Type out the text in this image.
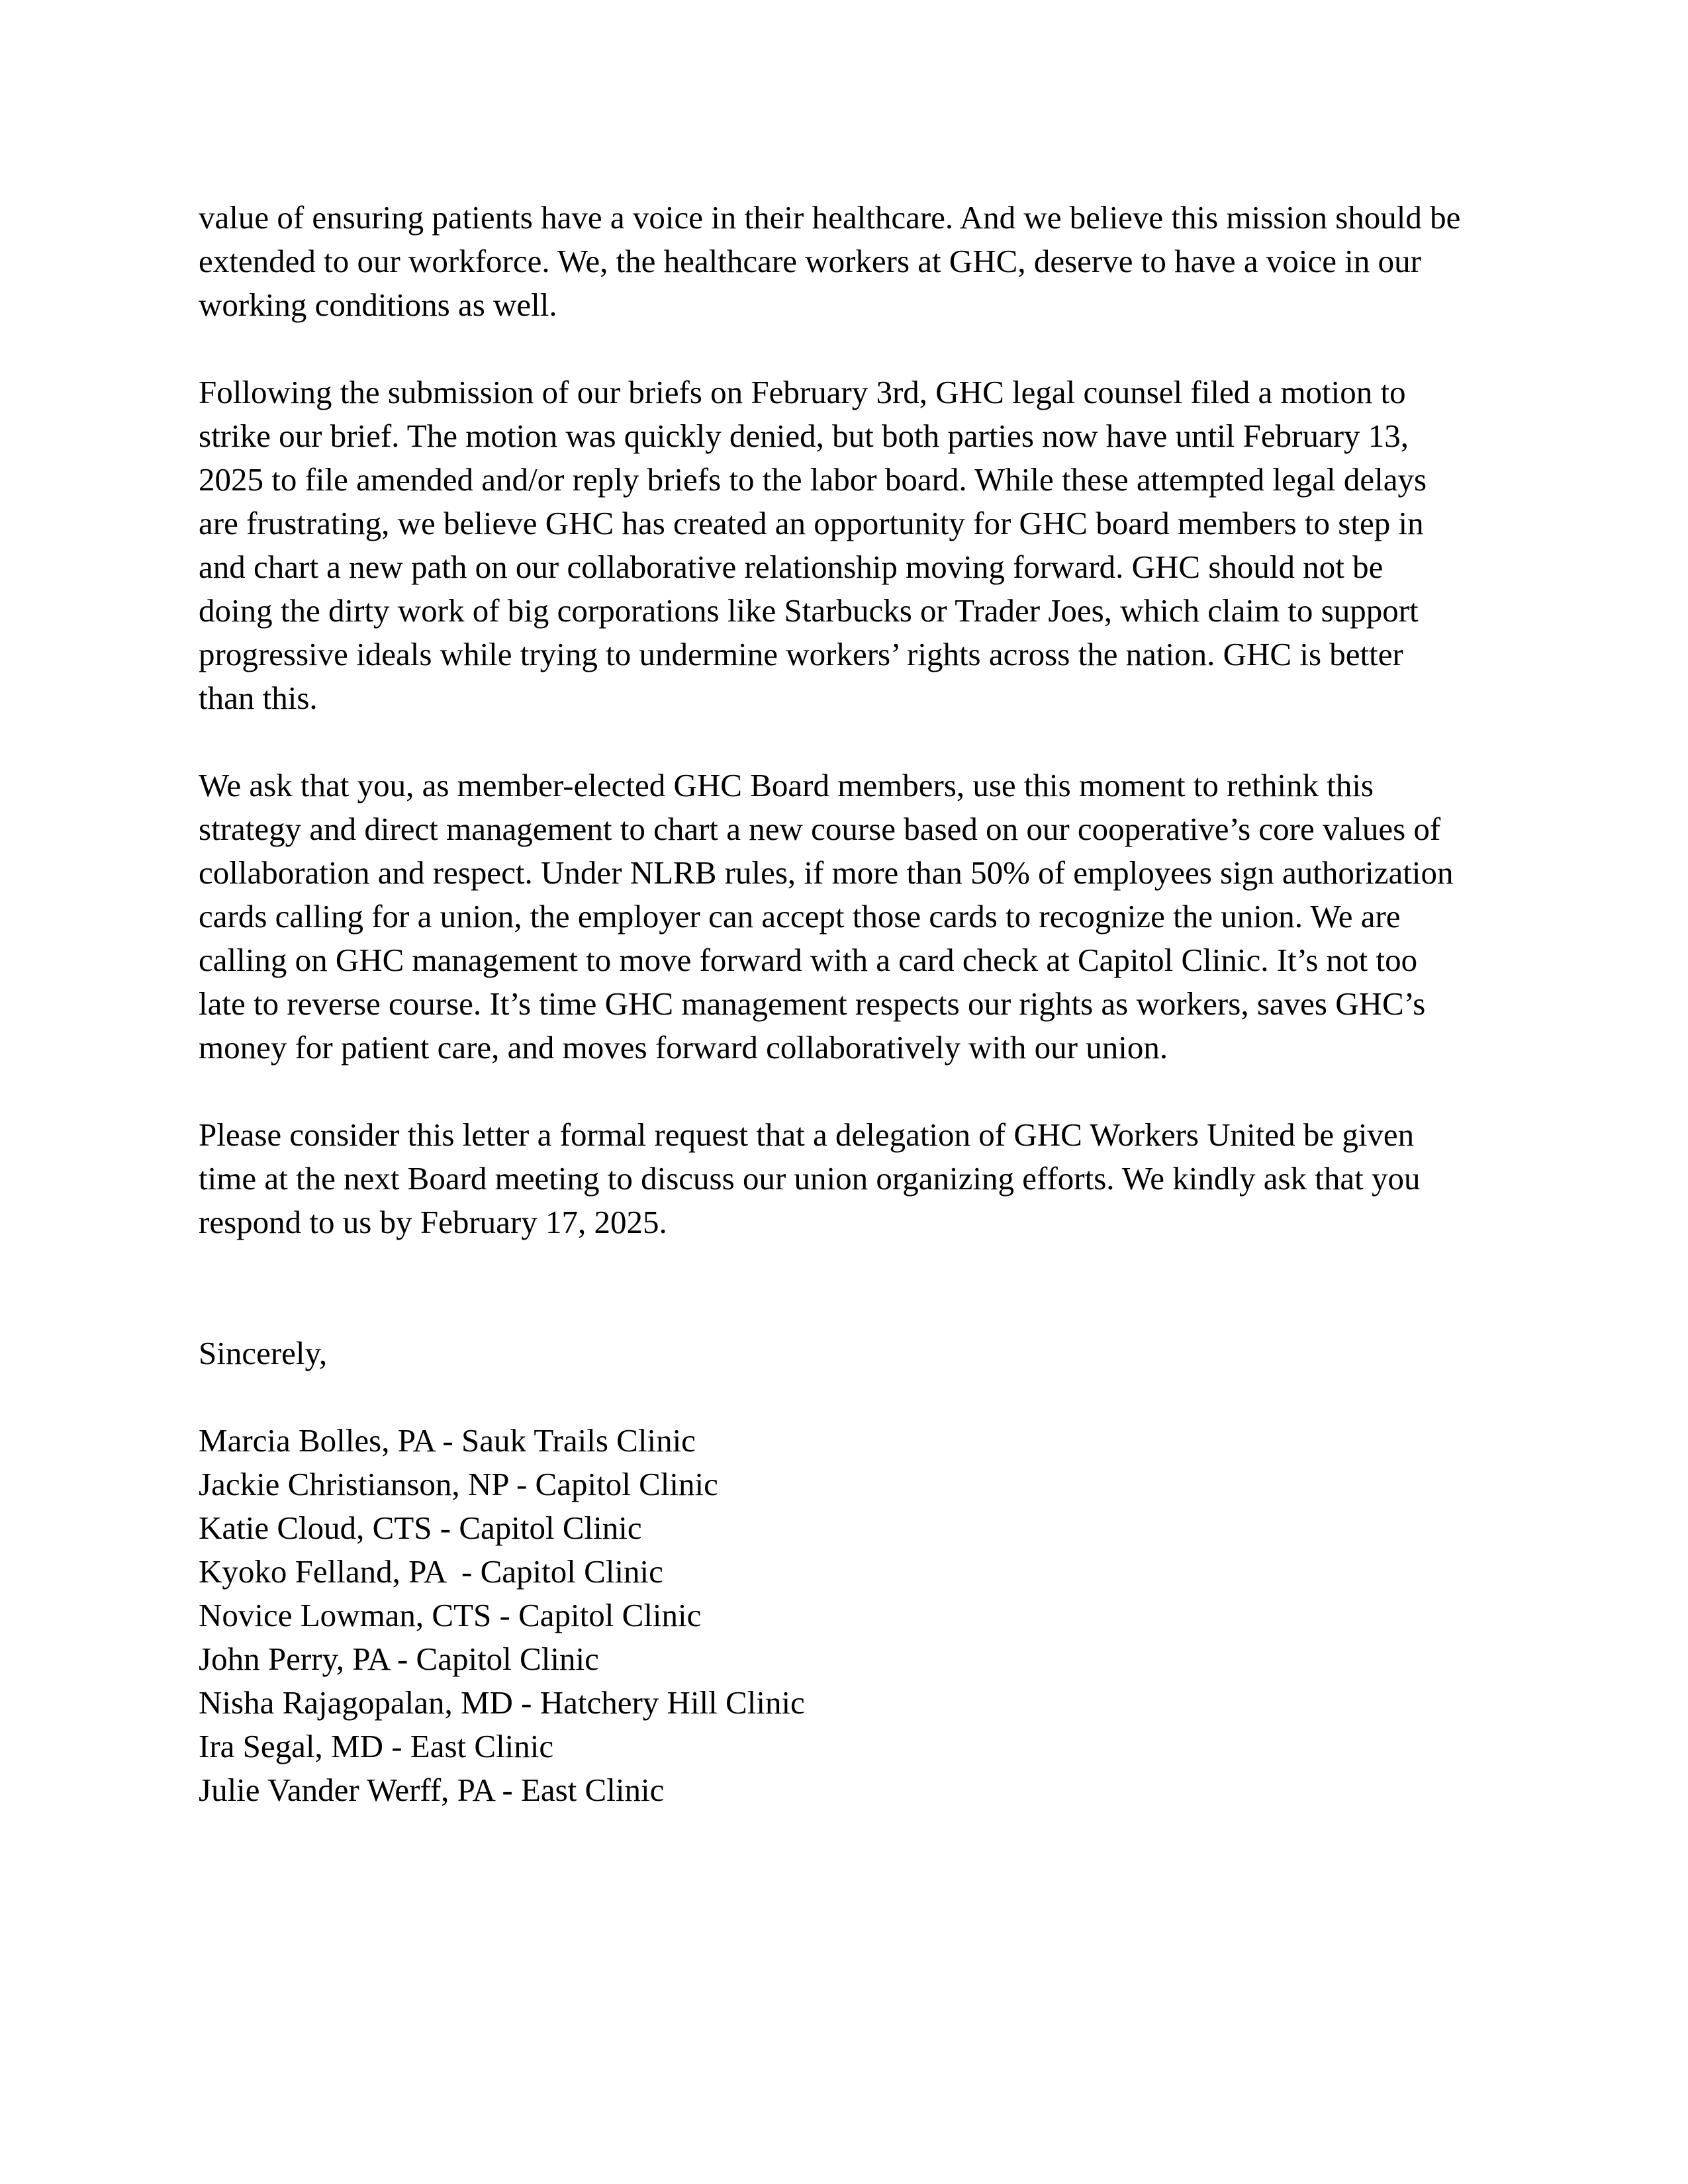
value of ensuring patients have a voice in their healthcare. And we believe this mission should be
extended to our workforce. We, the healthcare workers at GHC, deserve to have a voice in our
working conditions as well.

Following the submission of our briefs on February 3rd, GHC legal counsel filed a motion to
strike our brief. The motion was quickly denied, but both parties now have until February 13,
2025 to file amended and/or reply briefs to the labor board. While these attempted legal delays
are frustrating, we believe GHC has created an opportunity for GHC board members to step in
and chart a new path on our collaborative relationship moving forward. GHC should not be
doing the dirty work of big corporations like Starbucks or Trader Joes, which claim to support
progressive ideals while trying to undermine workers’ rights across the nation. GHC is better
than this.

We ask that you, as member-elected GHC Board members, use this moment to rethink this
strategy and direct management to chart a new course based on our cooperative’s core values of
collaboration and respect. Under NLRB rules, if more than 50% of employees sign authorization
cards calling for a union, the employer can accept those cards to recognize the union. We are
calling on GHC management to move forward with a card check at Capitol Clinic. It’s not too
late to reverse course. It’s time GHC management respects our rights as workers, saves GHC’s
money for patient care, and moves forward collaboratively with our union.

Please consider this letter a formal request that a delegation of GHC Workers United be given
time at the next Board meeting to discuss our union organizing efforts. We kindly ask that you
respond to us by February 17, 2025.

Sincerely,

Marcia Bolles, PA - Sauk Trails Clinic
Jackie Christianson, NP - Capitol Clinic
Katie Cloud, CTS - Capitol Clinic
Kyoko Felland, PA  - Capitol Clinic
Novice Lowman, CTS - Capitol Clinic
John Perry, PA - Capitol Clinic
Nisha Rajagopalan, MD - Hatchery Hill Clinic
Ira Segal, MD - East Clinic
Julie Vander Werff, PA - East Clinic
